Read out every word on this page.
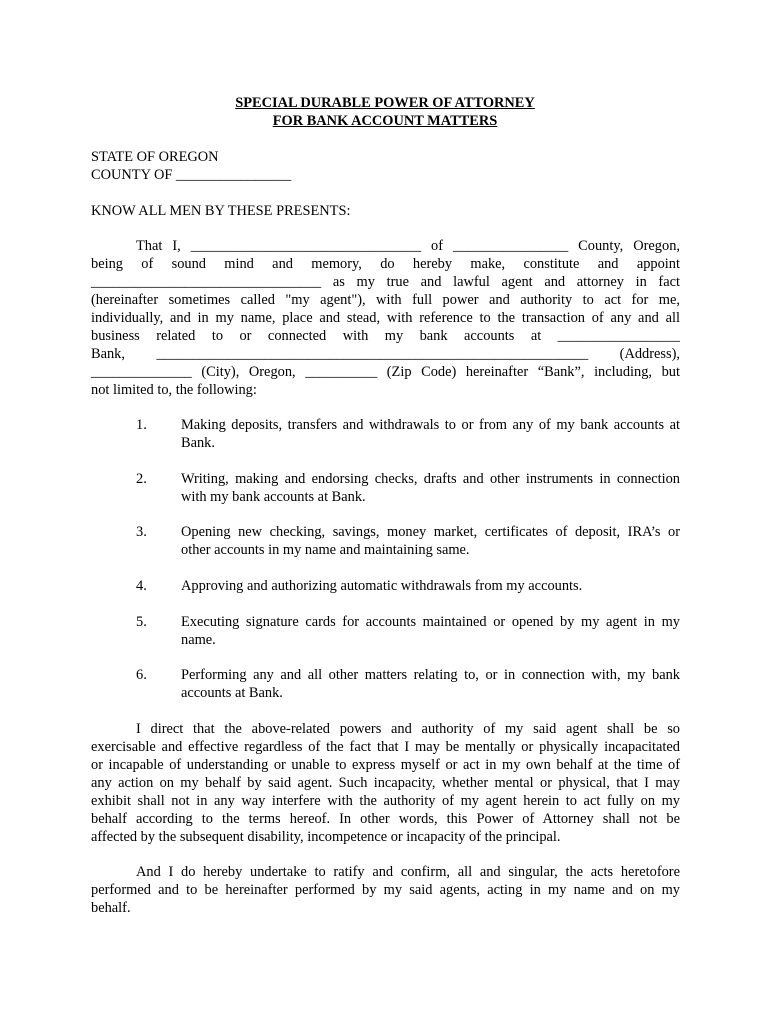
SPECIAL DURABLE POWER OF ATTORNEY
FOR BANK ACCOUNT MATTERS
STATE OF OREGON
COUNTY OF ________________
KNOW ALL MEN BY THESE PRESENTS:
That I, ________________________________ of ________________ County, Oregon,
being of sound mind and memory, do hereby make, constitute and appoint
________________________________ as my true and lawful agent and attorney in fact
(hereinafter sometimes called "my agent"), with full power and authority to act for me,
individually, and in my name, place and stead, with reference to the transaction of any and all
business related to or connected with my bank accounts at _________________
Bank, ____________________________________________________________ (Address),
______________ (City), Oregon, __________ (Zip Code) hereinafter “Bank”, including, but
not limited to, the following:
1. Making deposits, transfers and withdrawals to or from any of my bank accounts at
Bank.
2. Writing, making and endorsing checks, drafts and other instruments in connection
with my bank accounts at Bank.
3. Opening new checking, savings, money market, certificates of deposit, IRA’s or
other accounts in my name and maintaining same.
4. Approving and authorizing automatic withdrawals from my accounts.
5. Executing signature cards for accounts maintained or opened by my agent in my
name.
6. Performing any and all other matters relating to, or in connection with, my bank
accounts at Bank.
I direct that the above-related powers and authority of my said agent shall be so
exercisable and effective regardless of the fact that I may be mentally or physically incapacitated
or incapable of understanding or unable to express myself or act in my own behalf at the time of
any action on my behalf by said agent. Such incapacity, whether mental or physical, that I may
exhibit shall not in any way interfere with the authority of my agent herein to act fully on my
behalf according to the terms hereof. In other words, this Power of Attorney shall not be
affected by the subsequent disability, incompetence or incapacity of the principal.
And I do hereby undertake to ratify and confirm, all and singular, the acts heretofore
performed and to be hereinafter performed by my said agents, acting in my name and on my
behalf.
